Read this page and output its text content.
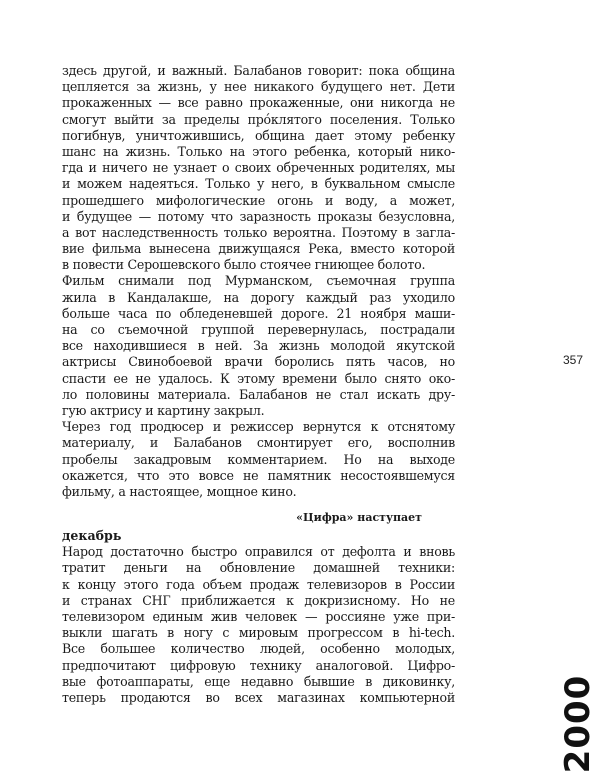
здесь другой, и важный. Балабанов говорит: пока община
цепляется за жизнь, у нее никакого будущего нет. Дети
прокаженных — все равно прокаженные, они никогда не
смогут выйти за пределы прóклятого поселения. Только
погибнув, уничтожившись, община дает этому ребенку
шанс на жизнь. Только на этого ребенка, который нико-
гда и ничего не узнает о своих обреченных родителях, мы
и можем надеяться. Только у него, в буквальном смысле
прошедшего мифологические огонь и воду, а может,
и будущее — потому что заразность проказы безусловна,
а вот наследственность только вероятна. Поэтому в загла-
вие фильма вынесена движущаяся Река, вместо которой
в повести Серошевского было стоячее гниющее болото.
Фильм снимали под Мурманском, съемочная группа
жила в Кандалакше, на дорогу каждый раз уходило
больше часа по обледеневшей дороге. 21 ноября маши-
на со съемочной группой перевернулась, пострадали
все находившиеся в ней. За жизнь молодой якутской
актрисы Свинобоевой врачи боролись пять часов, но
спасти ее не удалось. К этому времени было снято око-
ло половины материала. Балабанов не стал искать дру-
гую актрису и картину закрыл.
Через год продюсер и режиссер вернутся к отснятому
материалу, и Балабанов смонтирует его, восполнив
пробелы закадровым комментарием. Но на выходе
окажется, что это вовсе не памятник несостоявшемуся
фильму, а настоящее, мощное кино.
«Цифра» наступает
декабрь
Народ достаточно быстро оправился от дефолта и вновь
тратит деньги на обновление домашней техники:
к концу этого года объем продаж телевизоров в России
и странах СНГ приближается к докризисному. Но не
телевизором единым жив человек — россияне уже при-
выкли шагать в ногу с мировым прогрессом в hi-tech.
Все большее количество людей, особенно молодых,
предпочитают цифровую технику аналоговой. Цифро-
вые фотоаппараты, еще недавно бывшие в диковинку,
теперь продаются во всех магазинах компьютерной
357
2000
